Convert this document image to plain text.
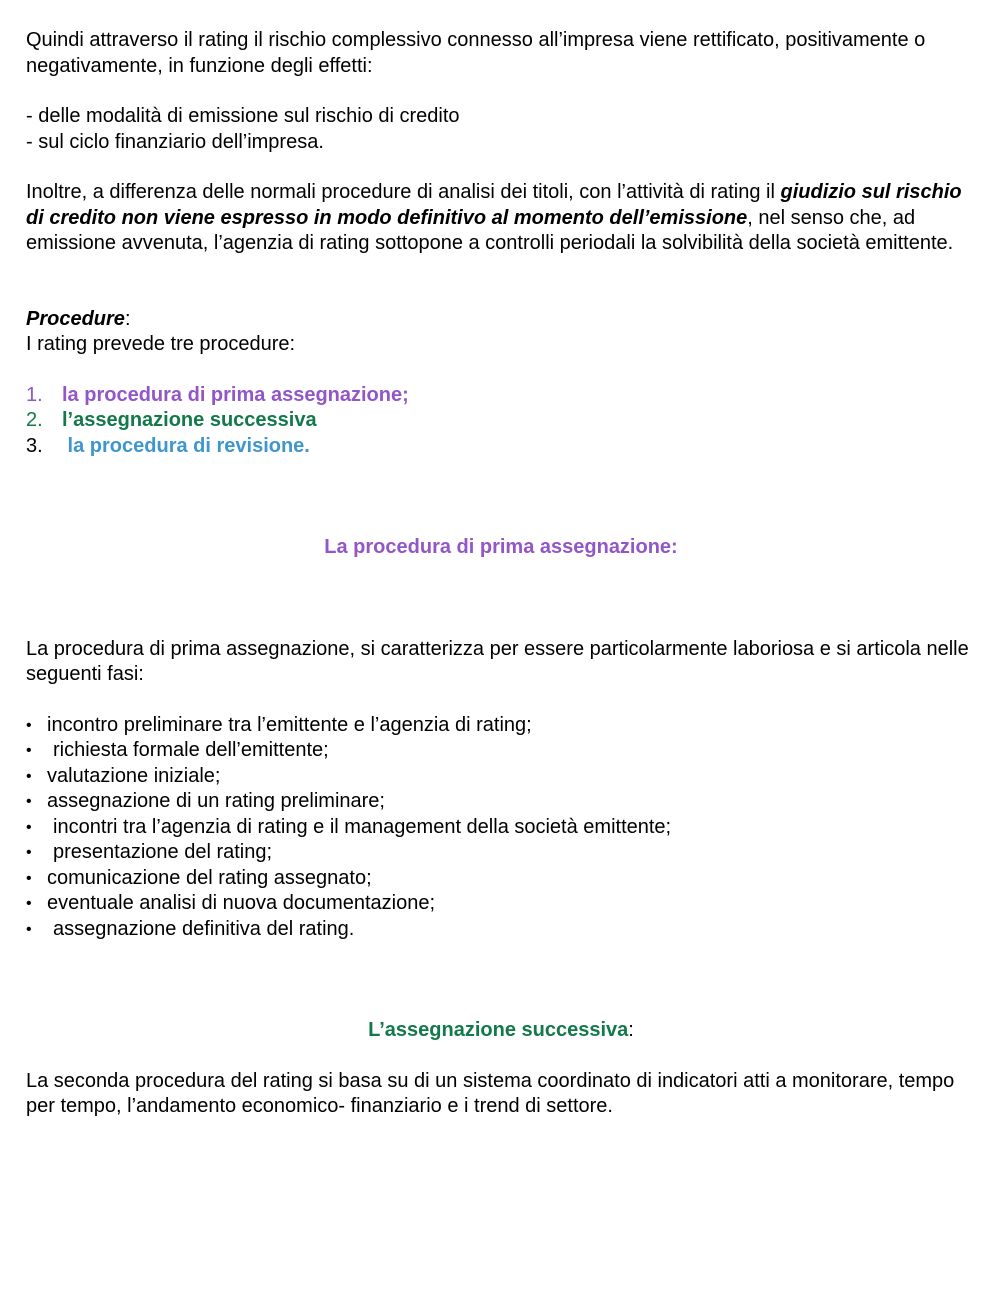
Quindi attraverso il rating il rischio complessivo connesso all’impresa viene rettificato, positivamente o negativamente, in funzione degli effetti:

- delle modalità di emissione sul rischio di credito

- sul ciclo finanziario dell’impresa.

Inoltre, a differenza delle normali procedure di analisi dei titoli, con l’attività di rating il giudizio sul rischio di credito non viene espresso in modo definitivo al momento dell’emissione, nel senso che, ad emissione avvenuta, l’agenzia di rating sottopone a controlli periodali la solvibilità della società emittente.

Procedure:

I rating prevede tre procedure:

1. la procedura di prima assegnazione;
2. l’assegnazione successiva
3. la procedura di revisione.

La procedura di prima assegnazione:

La procedura di prima assegnazione, si caratterizza per essere particolarmente laboriosa e si articola nelle seguenti fasi:

• incontro preliminare tra l’emittente e l’agenzia di rating;
•	richiesta formale dell’emittente;
• valutazione iniziale;
• assegnazione di un rating preliminare;
•	incontri tra l’agenzia di rating e il management della società emittente;
•	presentazione del rating;
• comunicazione del rating assegnato;
• eventuale analisi di nuova documentazione;
•	assegnazione definitiva del rating.

L’assegnazione successiva:

La seconda procedura del rating si basa su di un sistema coordinato di indicatori atti a monitorare, tempo per tempo, l’andamento economico- finanziario e i trend di settore.
